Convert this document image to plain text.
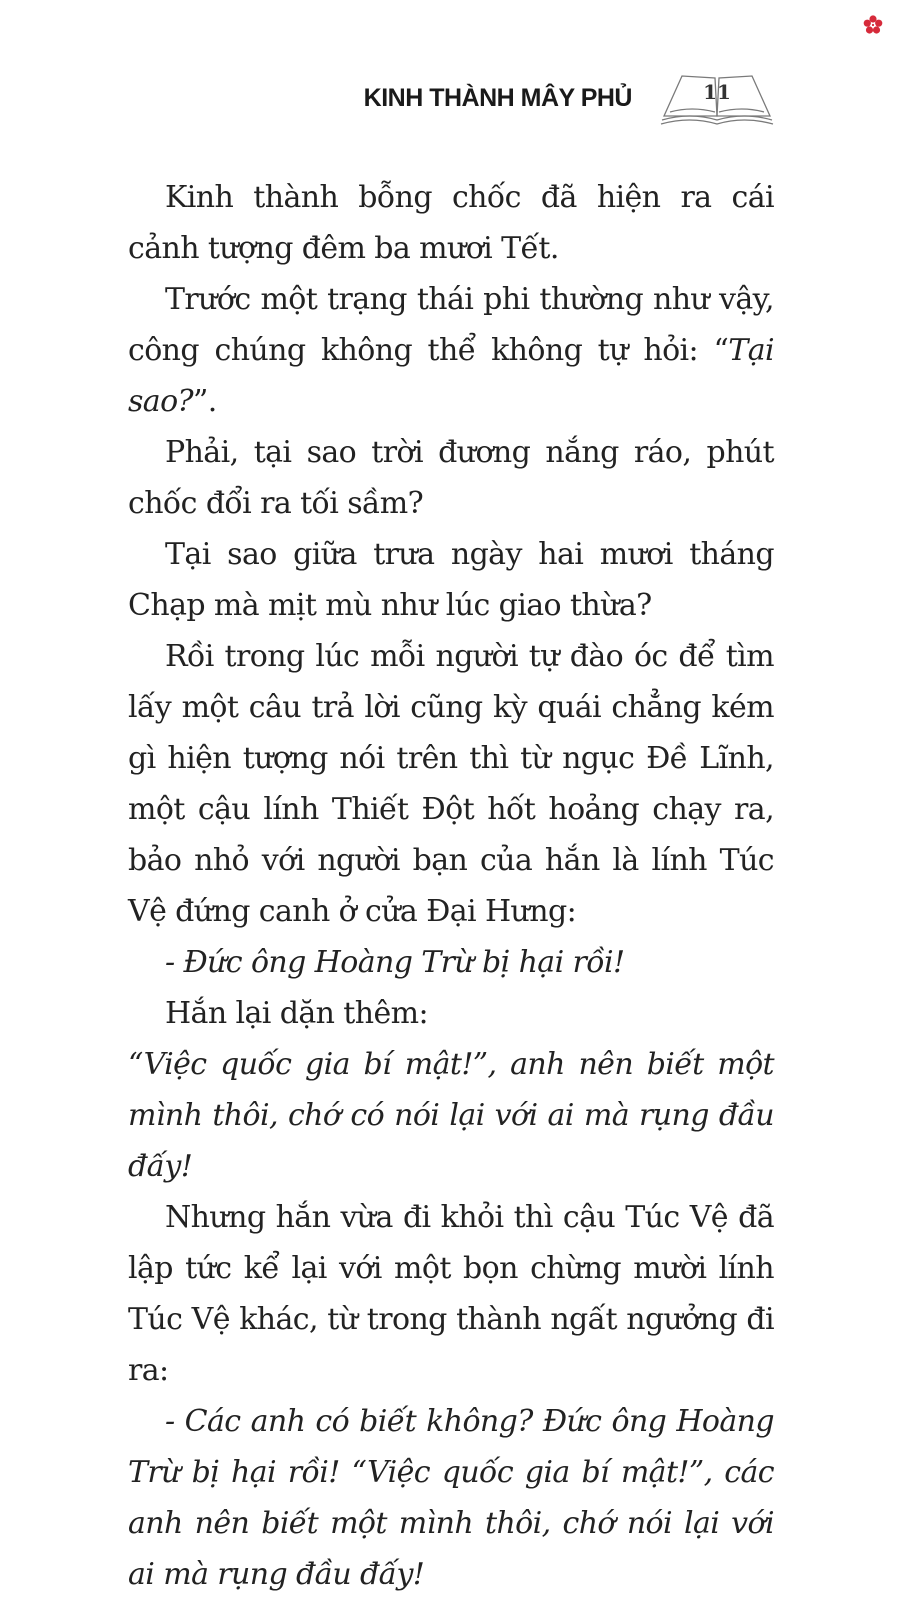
KINH THÀNH MÂY PHỦ	11

Kinh thành bỗng chốc đã hiện ra cái cảnh tượng đêm ba mươi Tết.

Trước một trạng thái phi thường như vậy, công chúng không thể không tự hỏi: “Tại sao?”.

Phải, tại sao trời đương nắng ráo, phút chốc đổi ra tối sầm?

Tại sao giữa trưa ngày hai mươi tháng Chạp mà mịt mù như lúc giao thừa?

Rồi trong lúc mỗi người tự đào óc để tìm lấy một câu trả lời cũng kỳ quái chẳng kém gì hiện tượng nói trên thì từ ngục Đề Lĩnh, một cậu lính Thiết Đột hốt hoảng chạy ra, bảo nhỏ với người bạn của hắn là lính Túc Vệ đứng canh ở cửa Đại Hưng:

- Đức ông Hoàng Trừ bị hại rồi!

Hắn lại dặn thêm:

“Việc quốc gia bí mật!”, anh nên biết một mình thôi, chớ có nói lại với ai mà rụng đầu đấy!

Nhưng hắn vừa đi khỏi thì cậu Túc Vệ đã lập tức kể lại với một bọn chừng mười lính Túc Vệ khác, từ trong thành ngất ngưởng đi ra:

- Các anh có biết không? Đức ông Hoàng Trừ bị hại rồi! “Việc quốc gia bí mật!”, các anh nên biết một mình thôi, chớ nói lại với ai mà rụng đầu đấy!
